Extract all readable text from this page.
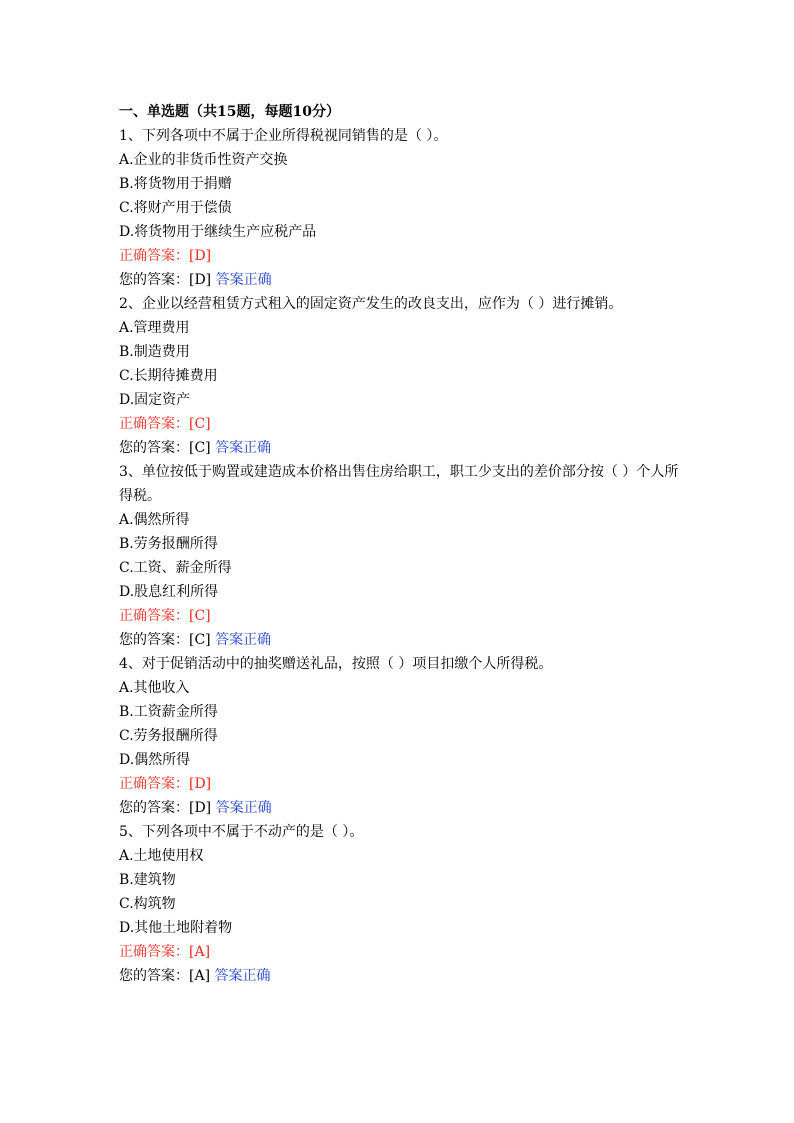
一、单选题（共15题，每题10分）
1、下列各项中不属于企业所得税视同销售的是（ ）。
A.企业的非货币性资产交换
B.将货物用于捐赠
C.将财产用于偿债
D.将货物用于继续生产应税产品
正确答案：[D]
您的答案：[D] 答案正确
2、企业以经营租赁方式租入的固定资产发生的改良支出，应作为（ ）进行摊销。
A.管理费用
B.制造费用
C.长期待摊费用
D.固定资产
正确答案：[C]
您的答案：[C] 答案正确
3、单位按低于购置或建造成本价格出售住房给职工，职工少支出的差价部分按（ ）个人所得税。
A.偶然所得
B.劳务报酬所得
C.工资、薪金所得
D.股息红利所得
正确答案：[C]
您的答案：[C] 答案正确
4、对于促销活动中的抽奖赠送礼品，按照（ ）项目扣缴个人所得税。
A.其他收入
B.工资薪金所得
C.劳务报酬所得
D.偶然所得
正确答案：[D]
您的答案：[D] 答案正确
5、下列各项中不属于不动产的是（ ）。
A.土地使用权
B.建筑物
C.构筑物
D.其他土地附着物
正确答案：[A]
您的答案：[A] 答案正确
